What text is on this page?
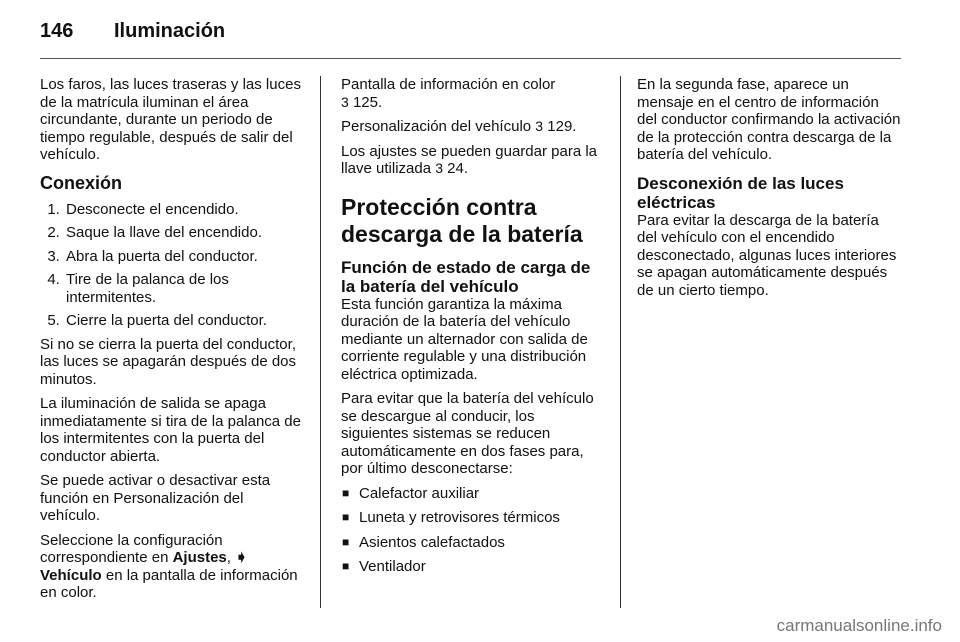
146 Iluminación

Los faros, las luces traseras y las luces de la matrícula iluminan el área circundante, durante un periodo de tiempo regulable, después de salir del vehículo.

Conexión
1. Desconecte el encendido.
2. Saque la llave del encendido.
3. Abra la puerta del conductor.
4. Tire de la palanca de los intermitentes.
5. Cierre la puerta del conductor.

Si no se cierra la puerta del conductor, las luces se apagarán después de dos minutos.

La iluminación de salida se apaga inmediatamente si tira de la palanca de los intermitentes con la puerta del conductor abierta.

Se puede activar o desactivar esta función en Personalización del vehículo.

Seleccione la configuración correspondiente en Ajustes, ➧ Vehículo en la pantalla de información en color.

Pantalla de información en color
3 125.

Personalización del vehículo 3 129.

Los ajustes se pueden guardar para la llave utilizada 3 24.

Protección contra descarga de la batería
Función de estado de carga de la batería del vehículo

Esta función garantiza la máxima duración de la batería del vehículo mediante un alternador con salida de corriente regulable y una distribución eléctrica optimizada.

Para evitar que la batería del vehículo se descargue al conducir, los siguientes sistemas se reducen automáticamente en dos fases para, por último desconectarse:

■ Calefactor auxiliar
■ Luneta y retrovisores térmicos
■ Asientos calefactados
■ Ventilador

En la segunda fase, aparece un mensaje en el centro de información del conductor confirmando la activación de la protección contra descarga de la batería del vehículo.

Desconexión de las luces eléctricas

Para evitar la descarga de la batería del vehículo con el encendido desconectado, algunas luces interiores se apagan automáticamente después de un cierto tiempo.

carmanualsonline.info
